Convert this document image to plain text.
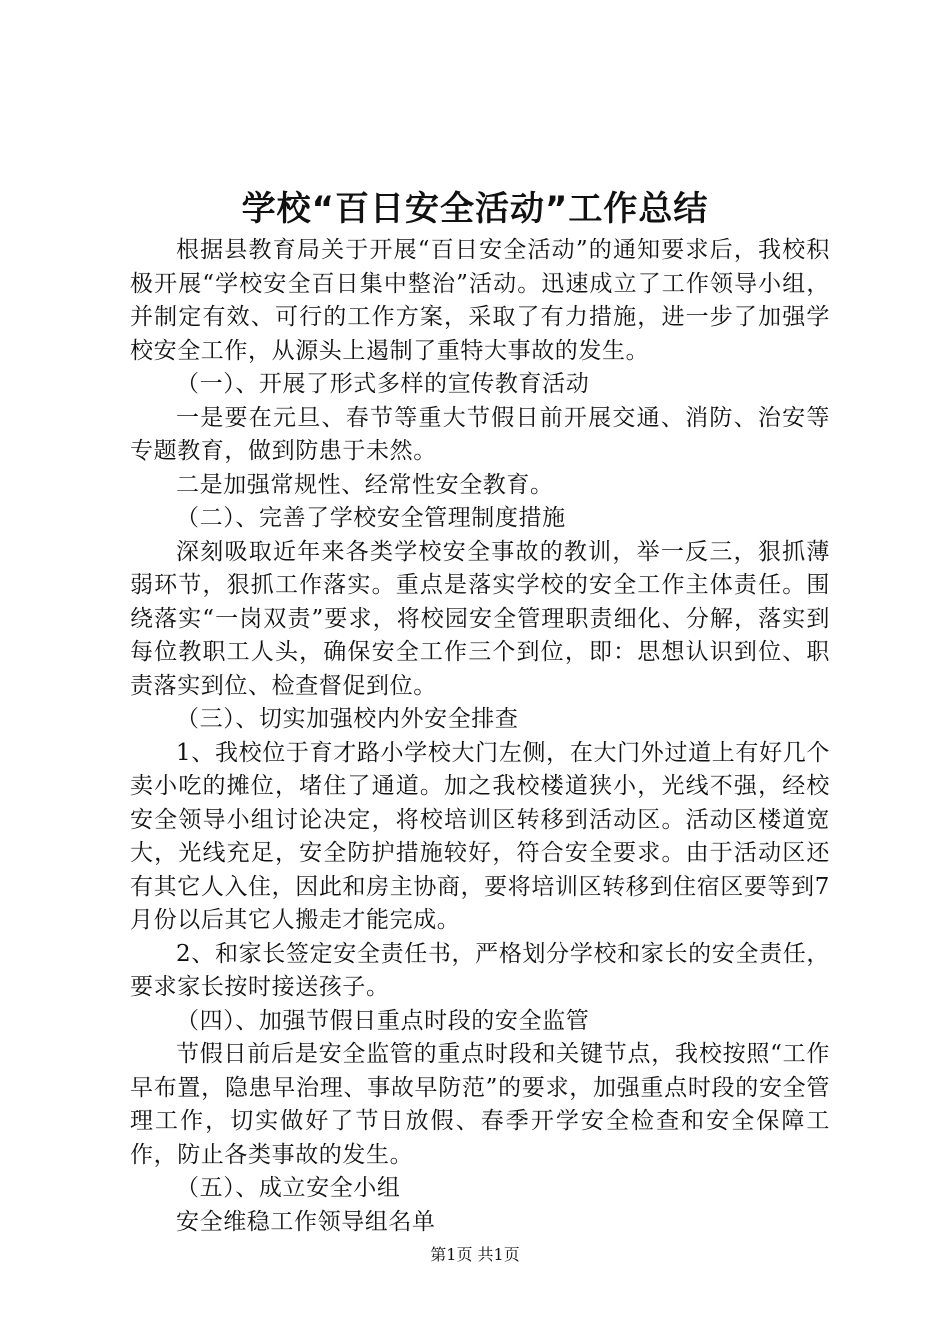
学校“百日安全活动”工作总结

根据县教育局关于开展“百日安全活动”的通知要求后，我校积极开展“学校安全百日集中整治”活动。迅速成立了工作领导小组，并制定有效、可行的工作方案，采取了有力措施，进一步了加强学校安全工作，从源头上遏制了重特大事故的发生。

（一）、开展了形式多样的宣传教育活动

一是要在元旦、春节等重大节假日前开展交通、消防、治安等专题教育，做到防患于未然。

二是加强常规性、经常性安全教育。

（二）、完善了学校安全管理制度措施

深刻吸取近年来各类学校安全事故的教训，举一反三，狠抓薄弱环节，狠抓工作落实。重点是落实学校的安全工作主体责任。围绕落实“一岗双责”要求，将校园安全管理职责细化、分解，落实到每位教职工人头，确保安全工作三个到位，即：思想认识到位、职责落实到位、检查督促到位。

（三）、切实加强校内外安全排查

1、我校位于育才路小学校大门左侧，在大门外过道上有好几个卖小吃的摊位，堵住了通道。加之我校楼道狭小，光线不强，经校安全领导小组讨论决定，将校培训区转移到活动区。活动区楼道宽大，光线充足，安全防护措施较好，符合安全要求。由于活动区还有其它人入住，因此和房主协商，要将培训区转移到住宿区要等到7月份以后其它人搬走才能完成。

2、和家长签定安全责任书，严格划分学校和家长的安全责任，要求家长按时接送孩子。

（四）、加强节假日重点时段的安全监管

节假日前后是安全监管的重点时段和关键节点，我校按照“工作早布置，隐患早治理、事故早防范”的要求，加强重点时段的安全管理工作，切实做好了节日放假、春季开学安全检查和安全保障工作，防止各类事故的发生。

（五）、成立安全小组

安全维稳工作领导组名单

第1页 共1页
